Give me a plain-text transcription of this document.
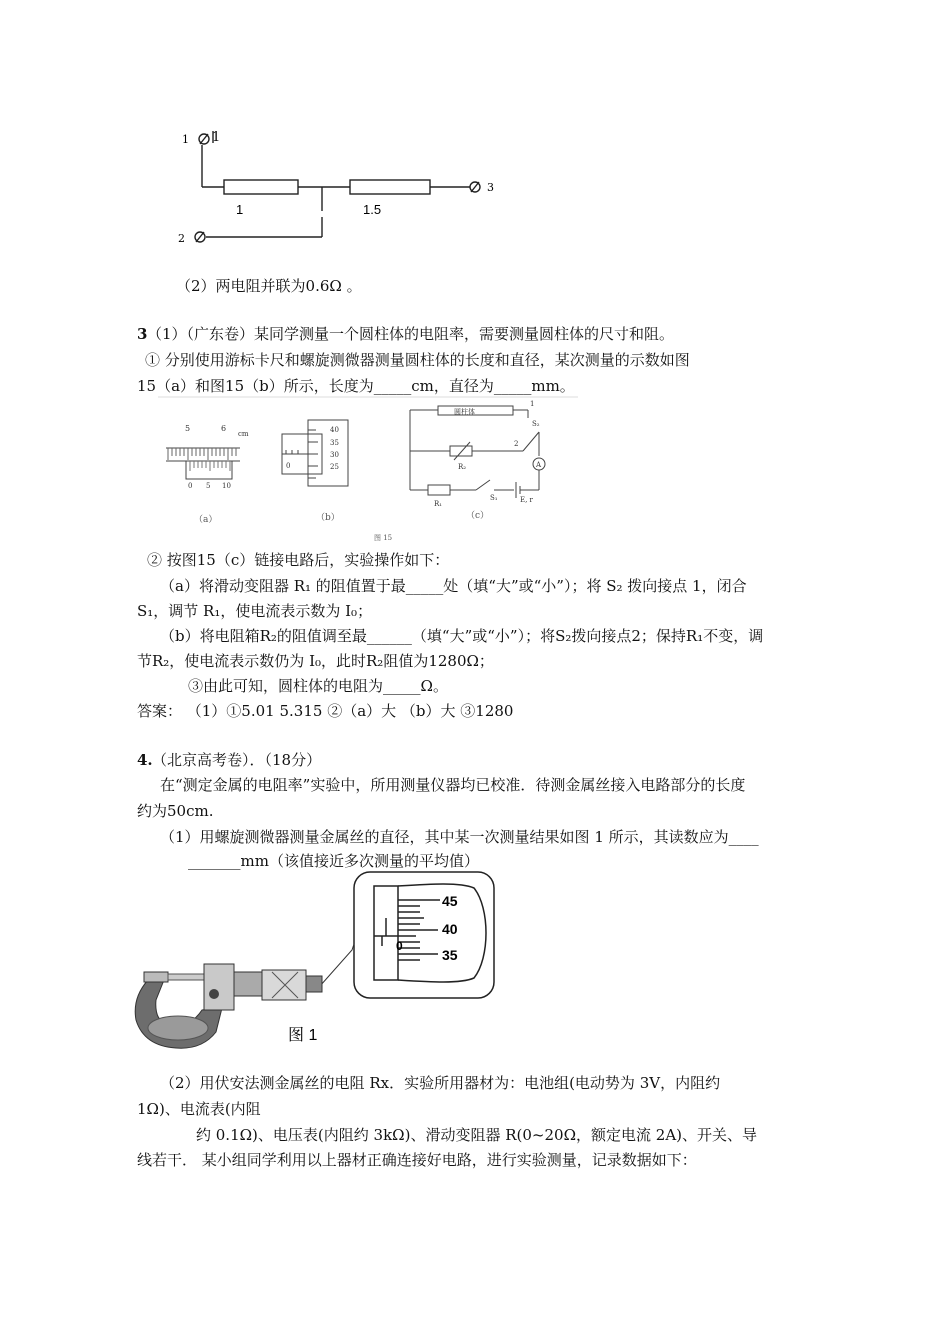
1 1
3
2
1	1.5
（2）两电阻并联为0.6Ω 。
3 （1）（广东卷）某同学测量一个圆柱体的电阻率，需要测量圆柱体的尺寸和阻。
① 分别使用游标卡尺和螺旋测微器测量圆柱体的长度和直径，某次测量的示数如图
15（a）和图15（b）所示，长度为_____cm，直径为_____mm。
5	6
cm
0 5 10
（a）
40
35
30
25
0
（b）
圆柱体
1
2
S₂
A
R₂
R₁
S₁	E, r
（c）
图 15
② 按图15（c）链接电路后，实验操作如下：
（a）将滑动变阻器 R₁ 的阻值置于最_____处（填“大”或“小”）；将 S₂ 拨向接点 1，闭合
S₁，调节 R₁，使电流表示数为 I₀；
（b）将电阻箱R₂的阻值调至最______（填“大”或“小”）；将S₂拨向接点2；保持R₁不变，调
节R₂，使电流表示数仍为 I₀，此时R₂阻值为1280Ω；
③由此可知，圆柱体的电阻为_____Ω。
答案： （1）①5.01 5.315 ②（a）大 （b）大 ③1280
4. （北京高考卷）．（18分）
在“测定金属的电阻率”实验中，所用测量仪器均已校准．待测金属丝接入电路部分的长度
约为50cm.
（1）用螺旋测微器测量金属丝的直径，其中某一次测量结果如图 1 所示，其读数应为____
_______mm（该值接近多次测量的平均值）
45
40
35
0
图 1
（2）用伏安法测金属丝的电阻 Rx．实验所用器材为：电池组(电动势为 3V，内阻约
1Ω)、电流表(内阻
约 0.1Ω)、电压表(内阻约 3kΩ)、滑动变阻器 R(0~20Ω，额定电流 2A)、开关、导
线若干． 某小组同学利用以上器材正确连接好电路，进行实验测量，记录数据如下：
